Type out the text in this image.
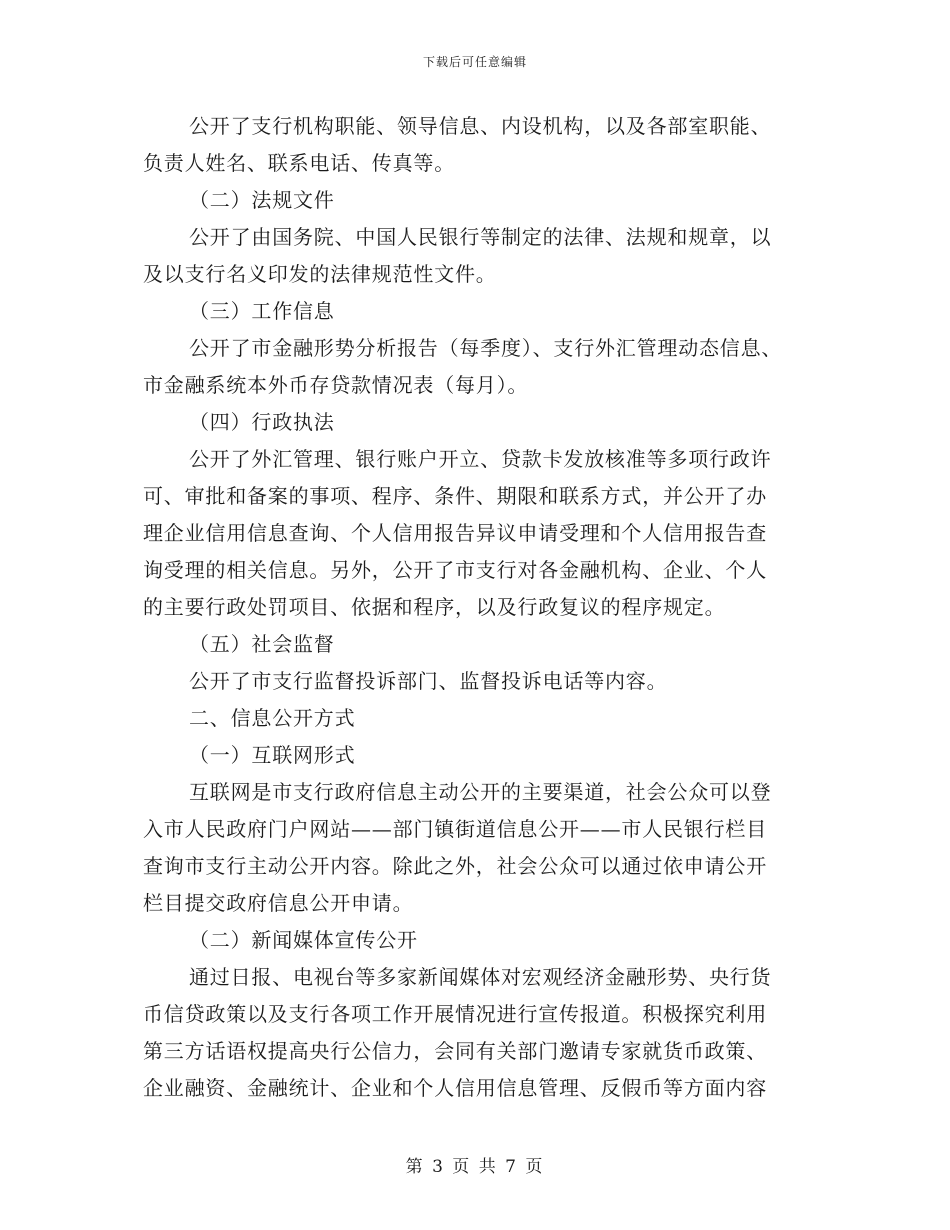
下载后可任意编辑
公开了支行机构职能、领导信息、内设机构，以及各部室职能、
负责人姓名、联系电话、传真等。
（二）法规文件
公开了由国务院、中国人民银行等制定的法律、法规和规章，以
及以支行名义印发的法律规范性文件。
（三）工作信息
公开了市金融形势分析报告（每季度）、支行外汇管理动态信息、
市金融系统本外币存贷款情况表（每月）。
（四）行政执法
公开了外汇管理、银行账户开立、贷款卡发放核准等多项行政许
可、审批和备案的事项、程序、条件、期限和联系方式，并公开了办
理企业信用信息查询、个人信用报告异议申请受理和个人信用报告查
询受理的相关信息。另外，公开了市支行对各金融机构、企业、个人
的主要行政处罚项目、依据和程序，以及行政复议的程序规定。
（五）社会监督
公开了市支行监督投诉部门、监督投诉电话等内容。
二、信息公开方式
（一）互联网形式
互联网是市支行政府信息主动公开的主要渠道，社会公众可以登
入市人民政府门户网站——部门镇街道信息公开——市人民银行栏目
查询市支行主动公开内容。除此之外，社会公众可以通过依申请公开
栏目提交政府信息公开申请。
（二）新闻媒体宣传公开
通过日报、电视台等多家新闻媒体对宏观经济金融形势、央行货
币信贷政策以及支行各项工作开展情况进行宣传报道。积极探究利用
第三方话语权提高央行公信力，会同有关部门邀请专家就货币政策、
企业融资、金融统计、企业和个人信用信息管理、反假币等方面内容
第 3 页 共 7 页
